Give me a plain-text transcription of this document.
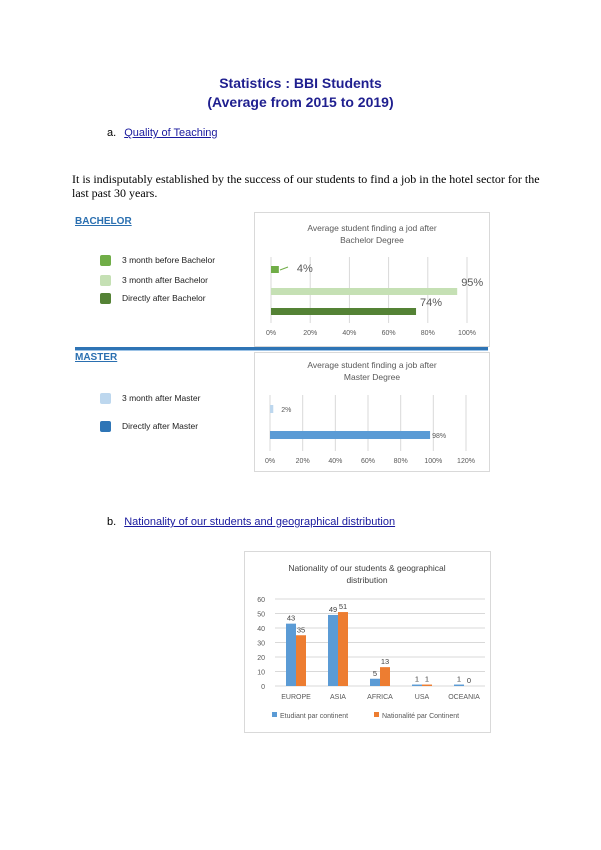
Statistics : BBI Students
(Average from 2015 to 2019)
a. Quality of Teaching
It is indisputably established by the success of our students to find a job in the hotel sector for the last past 30 years.
BACHELOR
3 month before Bachelor
3 month after Bachelor
Directly after Bachelor
Average student finding a jod after
Bachelor Degree
0%	20%	40%	60%	80%	100%
4%
95%
74%
MASTER
3 month after Master
Directly after Master
Average student finding a job after
Master Degree
0%	20%	40%	60%	80% 100% 120%
2%
98%
b. Nationality of our students and geographical distribution
Nationality of our students & geographical
distribution
0
10
20
30
40
50
60
EUROPE
43
35
ASIA
49 51
AFRICA
5
13
USA
1 1
OCEANIA
1 0
Etudiant par continent	Nationalité par Continent
